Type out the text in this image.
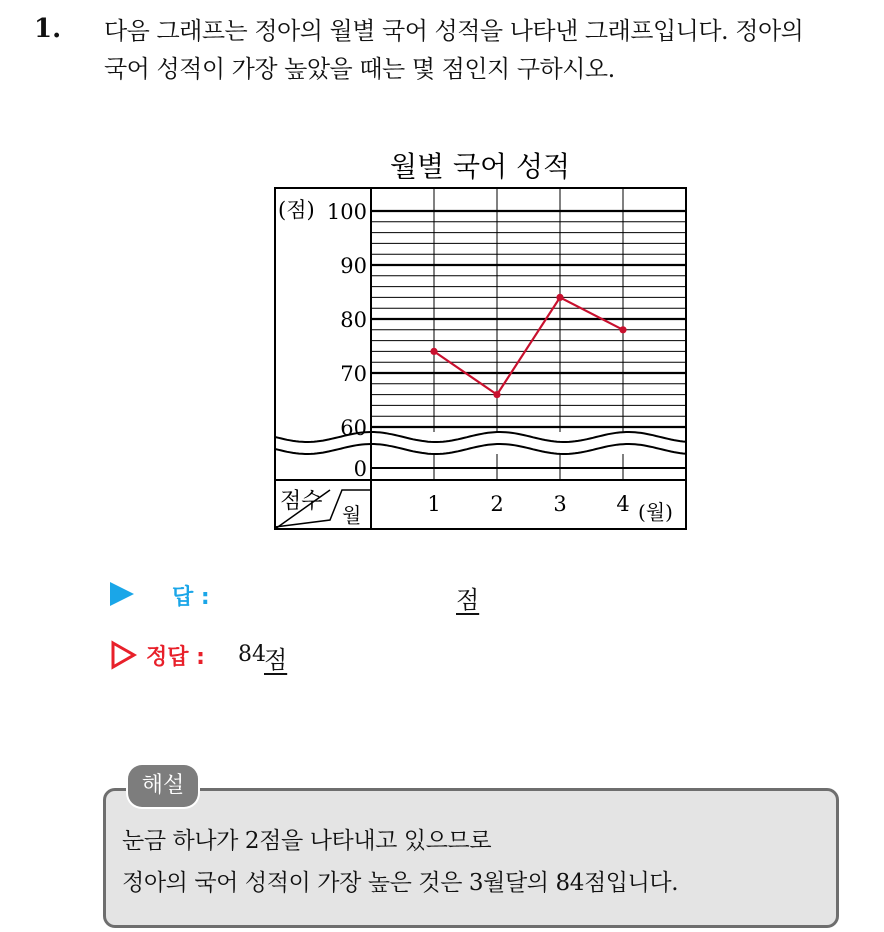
1. 다음 그래프는 정아의 월별 국어 성적을 나타낸 그래프입니다. 정아의
국어 성적이 가장 높았을 때는 몇 점인지 구하시오.
월별 국어 성적
(점)
0
60
70
80
90
100
1 2 3 4 (월)
점수
월
답 :	점
정답 : 84
점
해설
눈금 하나가 2점을 나타내고 있으므로
정아의 국어 성적이 가장 높은 것은 3월달의 84점입니다.
